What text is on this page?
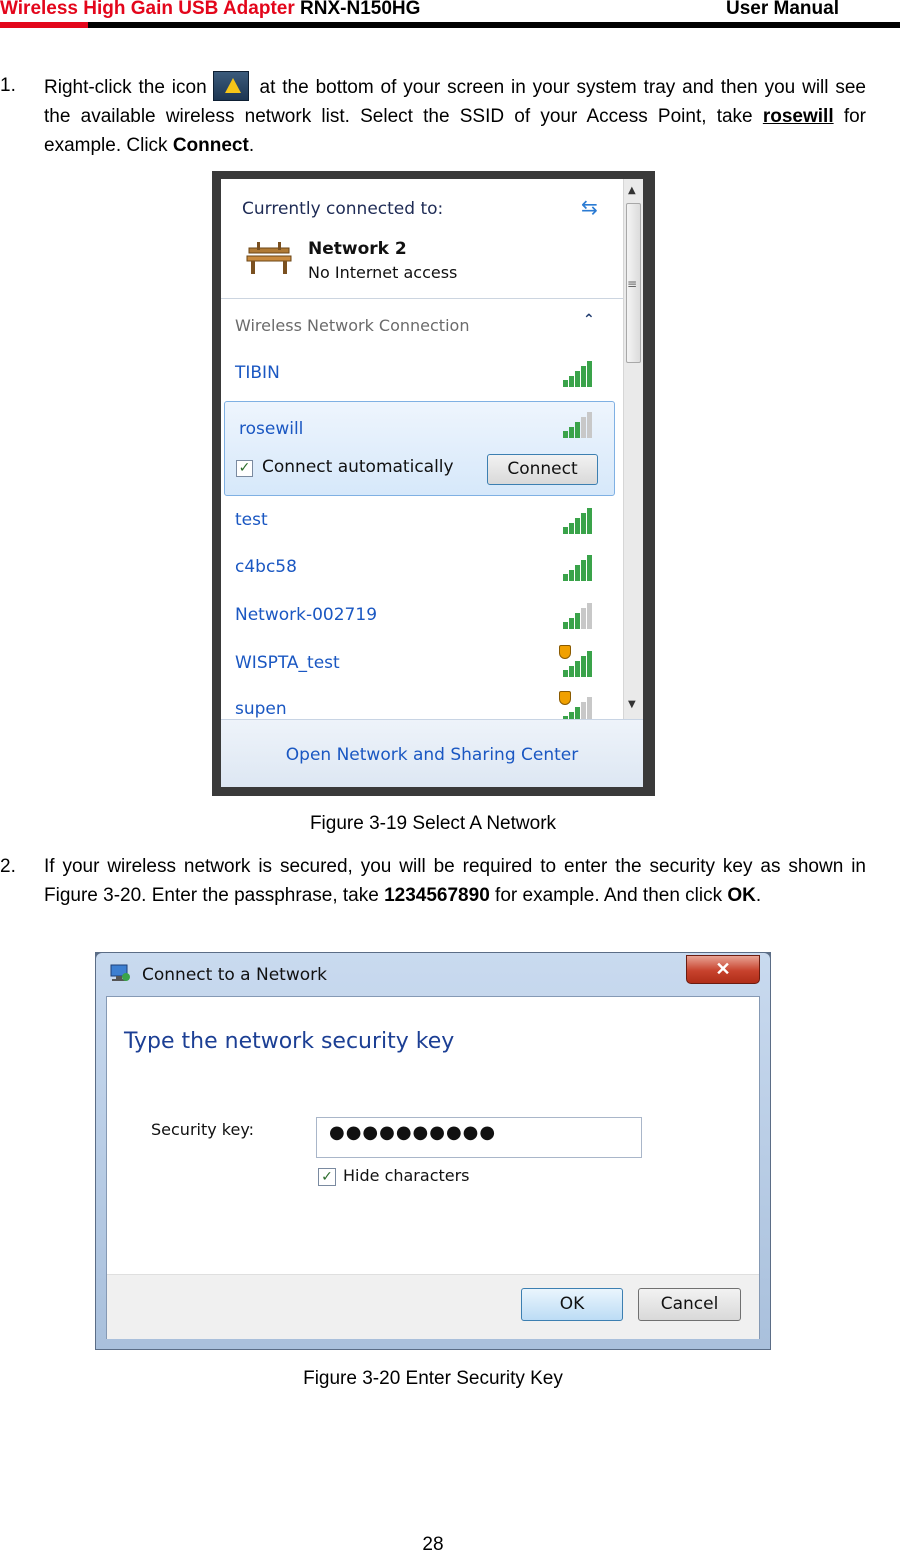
Wireless High Gain USB Adapter RNX-N150HG	User Manual
1. Right-click the icon	at the bottom of your screen in your system tray and then you will see the available wireless network list. Select the SSID of your Access Point, take rosewill for example. Click Connect.
Currently connected to:	⇆
Network 2
No Internet access
Wireless Network Connection	⌃
TIBIN
rosewill
✓ Connect automatically	Connect
test
c4bc58
Network-002719
WISPTA_test
supen
▲
≡
▼
Open Network and Sharing Center
Figure 3-19 Select A Network
2. If your wireless network is secured, you will be required to enter the security key as shown in Figure 3-20. Enter the passphrase, take 1234567890 for example. And then click OK.
Connect to a Network	✕
Type the network security key
Security key:	●●●●●●●●●●
✓ Hide characters
OK	Cancel
Figure 3-20 Enter Security Key
28
